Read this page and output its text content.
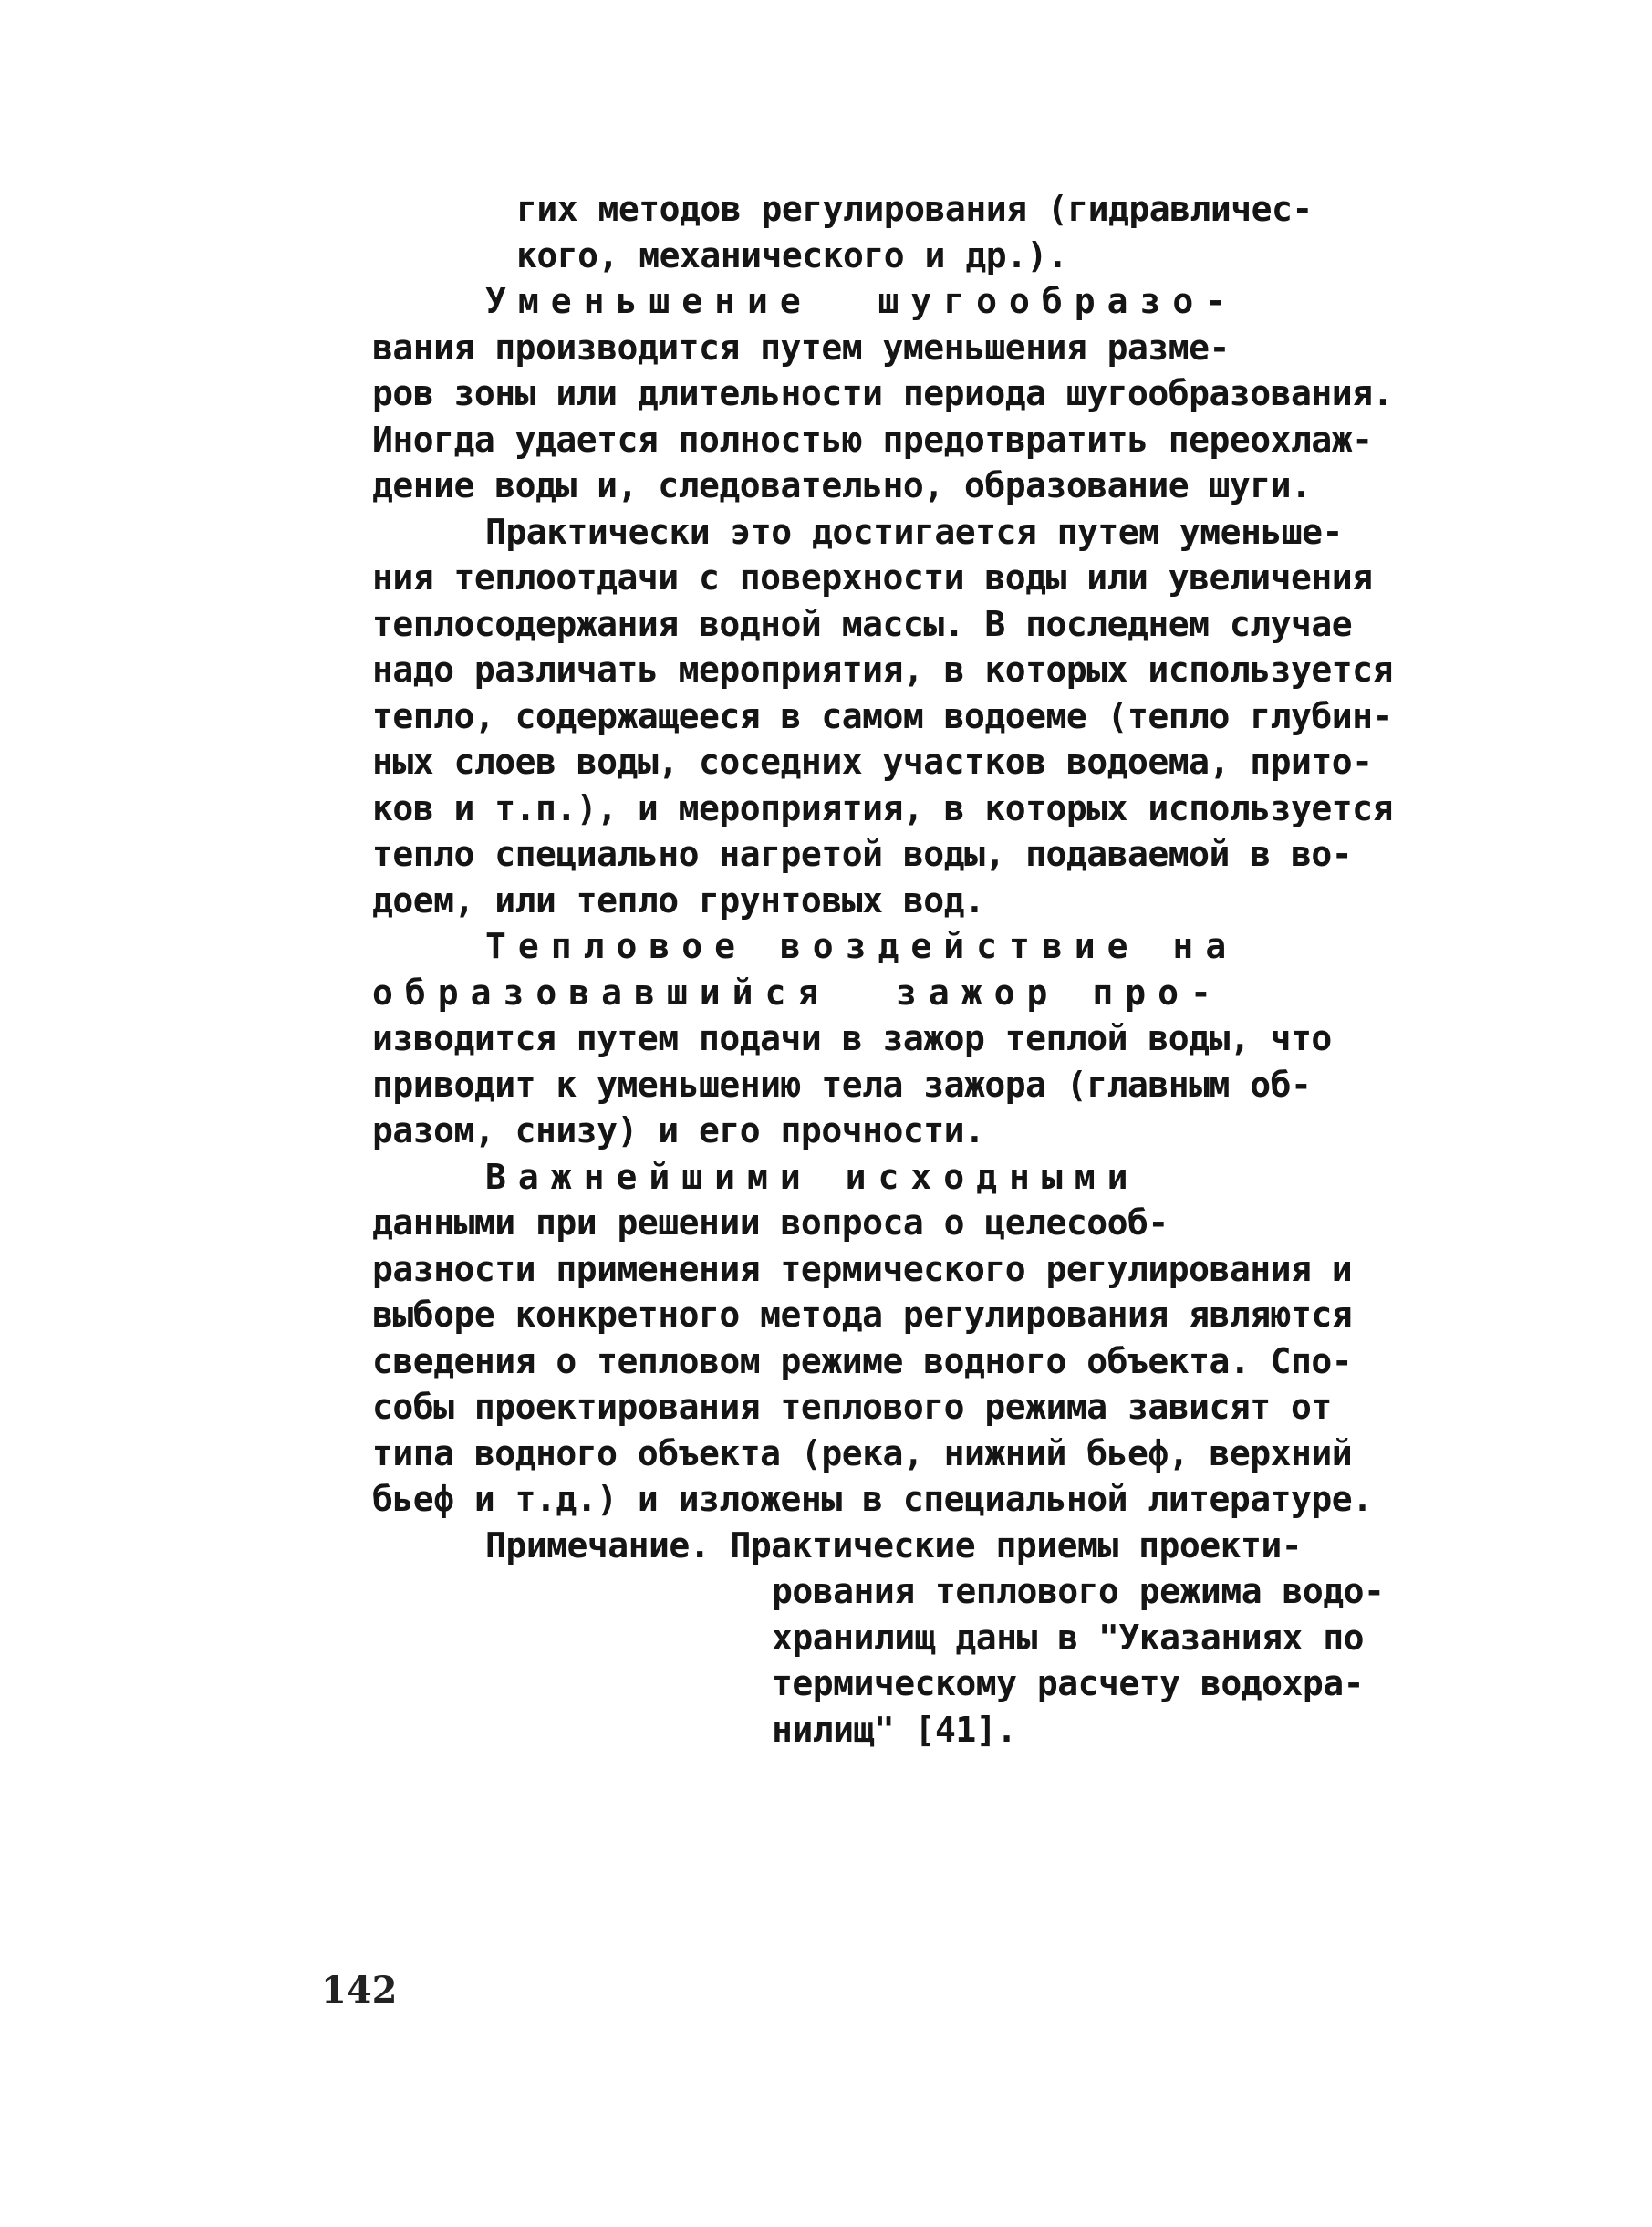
гих методов регулирования (гидравличес-
кого, механического и др.).
Уменьшение  шугообразо-
вания производится путем уменьшения разме-
ров зоны или длительности периода шугообразования.
Иногда удается полностью предотвратить переохлаж-
дение воды и, следовательно, образование шуги.
Практически это достигается путем уменьше-
ния теплоотдачи с поверхности воды или увеличения
теплосодержания водной массы. В последнем случае
надо различать мероприятия, в которых используется
тепло, содержащееся в самом водоеме (тепло глубин-
ных слоев воды, соседних участков водоема, прито-
ков и т.п.), и мероприятия, в которых используется
тепло специально нагретой воды, подаваемой в во-
доем, или тепло грунтовых вод.
Тепловое воздействие на
образовавшийся  зажор про-
изводится путем подачи в зажор теплой воды, что
приводит к уменьшению тела зажора (главным об-
разом, снизу) и его прочности.
Важнейшими исходными
данными при решении вопроса о целесооб-
разности применения термического регулирования и
выборе конкретного метода регулирования являются
сведения о тепловом режиме водного объекта. Спо-
собы проектирования теплового режима зависят от
типа водного объекта (река, нижний бьеф, верхний
бьеф и т.д.) и изложены в специальной литературе.
Примечание. Практические приемы проекти-
рования теплового режима водо-
хранилищ даны в "Указаниях по
термическому расчету водохра-
нилищ" [41].
142
